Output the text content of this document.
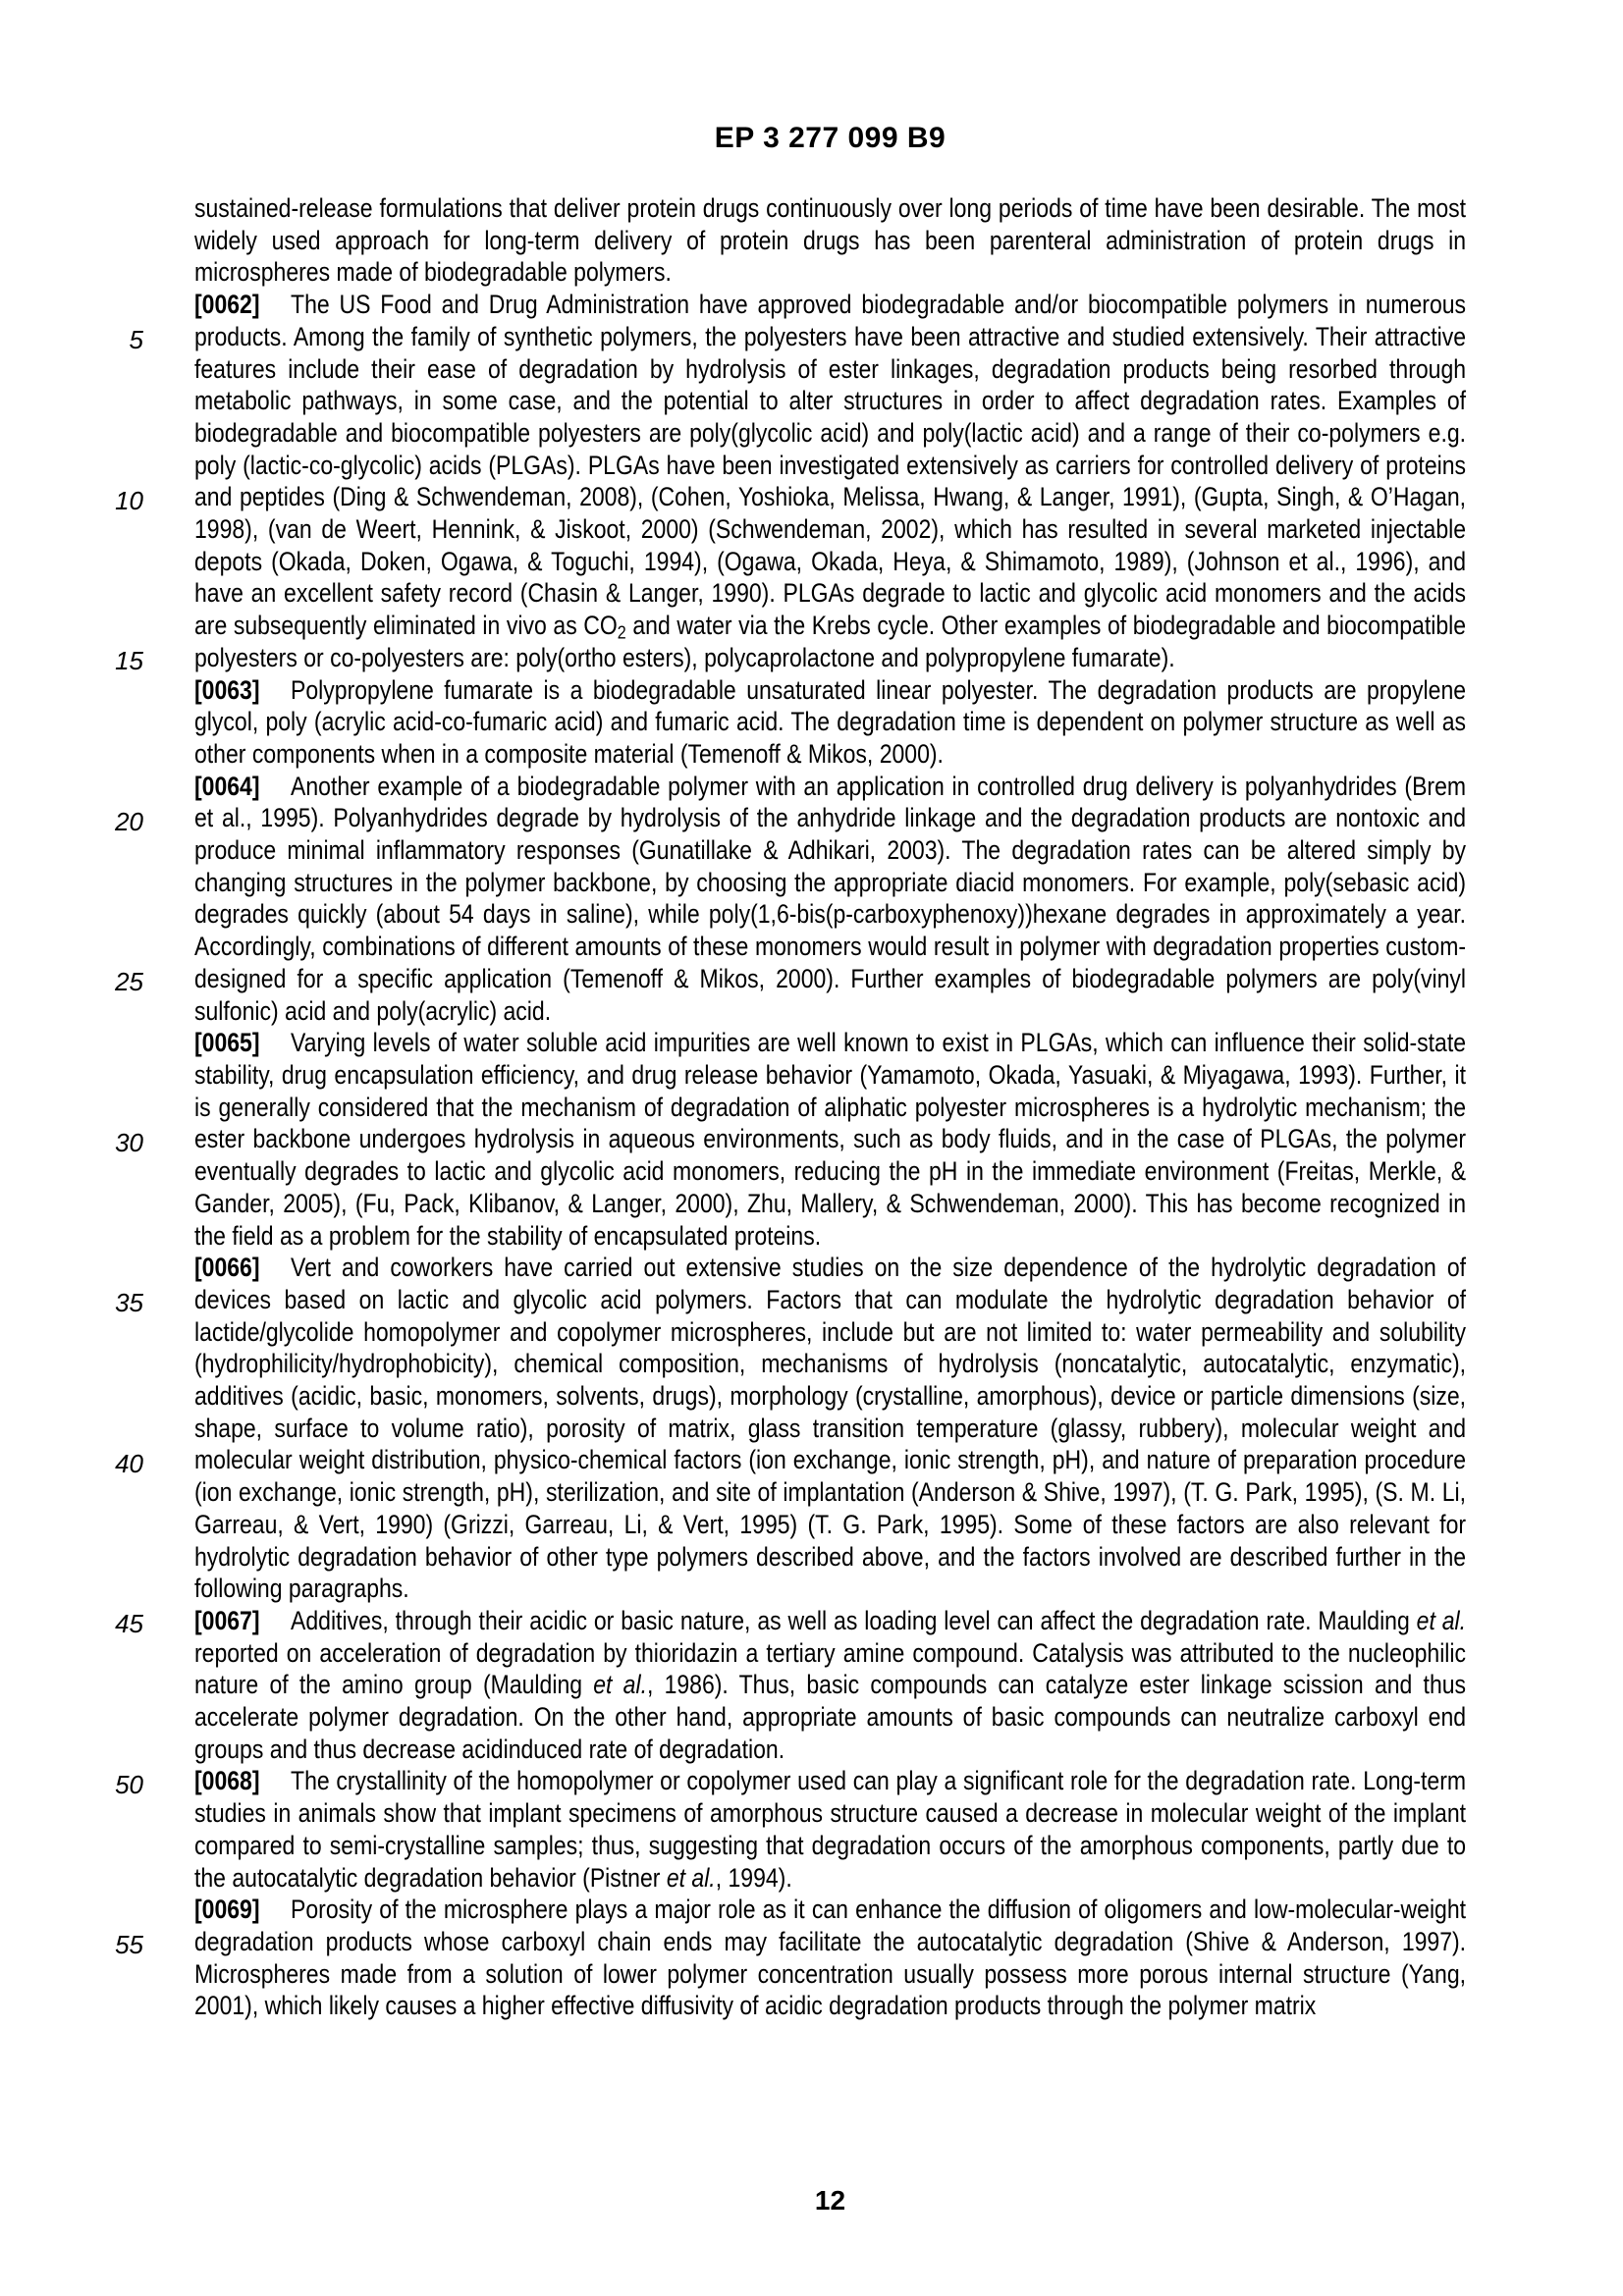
EP 3 277 099 B9
5
10
15
20
25
30
35
40
45
50
55

sustained-release formulations that deliver protein drugs continuously over long periods of time have been desirable. The most widely used approach for long-term delivery of protein drugs has been parenteral administration of protein drugs in microspheres made of biodegradable polymers.

[0062] The US Food and Drug Administration have approved biodegradable and/or biocompatible polymers in numerous products. Among the family of synthetic polymers, the polyesters have been attractive and studied extensively. Their attractive features include their ease of degradation by hydrolysis of ester linkages, degradation products being resorbed through metabolic pathways, in some case, and the potential to alter structures in order to affect degradation rates. Examples of biodegradable and biocompatible polyesters are poly(glycolic acid) and poly(lactic acid) and a range of their co-polymers e.g. poly (lactic-co-glycolic) acids (PLGAs). PLGAs have been investigated extensively as carriers for controlled delivery of proteins and peptides (Ding & Schwendeman, 2008), (Cohen, Yoshioka, Melissa, Hwang, & Langer, 1991), (Gupta, Singh, & O’Hagan, 1998), (van de Weert, Hennink, & Jiskoot, 2000) (Schwendeman, 2002), which has resulted in several marketed injectable depots (Okada, Doken, Ogawa, & Toguchi, 1994), (Ogawa, Okada, Heya, & Shimamoto, 1989), (Johnson et al., 1996), and have an excellent safety record (Chasin & Langer, 1990). PLGAs degrade to lactic and glycolic acid monomers and the acids are subsequently eliminated in vivo as $CO_2$ and water via the Krebs cycle. Other examples of biodegradable and biocompatible polyesters or co-polyesters are: poly(ortho esters), polycaprolactone and polypropylene fumarate).

[0063] Polypropylene fumarate is a biodegradable unsaturated linear polyester. The degradation products are propylene glycol, poly (acrylic acid-co-fumaric acid) and fumaric acid. The degradation time is dependent on polymer structure as well as other components when in a composite material (Temenoff & Mikos, 2000).

[0064] Another example of a biodegradable polymer with an application in controlled drug delivery is polyanhydrides (Brem et al., 1995). Polyanhydrides degrade by hydrolysis of the anhydride linkage and the degradation products are nontoxic and produce minimal inflammatory responses (Gunatillake & Adhikari, 2003). The degradation rates can be altered simply by changing structures in the polymer backbone, by choosing the appropriate diacid monomers. For example, poly(sebasic acid) degrades quickly (about 54 days in saline), while poly(1,6-bis(p-carboxyphenoxy))hexane degrades in approximately a year. Accordingly, combinations of different amounts of these monomers would result in polymer with degradation properties custom-designed for a specific application (Temenoff & Mikos, 2000). Further examples of biodegradable polymers are poly(vinyl sulfonic) acid and poly(acrylic) acid.

[0065] Varying levels of water soluble acid impurities are well known to exist in PLGAs, which can influence their solid-state stability, drug encapsulation efficiency, and drug release behavior (Yamamoto, Okada, Yasuaki, & Miyagawa, 1993). Further, it is generally considered that the mechanism of degradation of aliphatic polyester microspheres is a hydrolytic mechanism; the ester backbone undergoes hydrolysis in aqueous environments, such as body fluids, and in the case of PLGAs, the polymer eventually degrades to lactic and glycolic acid monomers, reducing the pH in the immediate environment (Freitas, Merkle, & Gander, 2005), (Fu, Pack, Klibanov, & Langer, 2000), Zhu, Mallery, & Schwendeman, 2000). This has become recognized in the field as a problem for the stability of encapsulated proteins.

[0066] Vert and coworkers have carried out extensive studies on the size dependence of the hydrolytic degradation of devices based on lactic and glycolic acid polymers. Factors that can modulate the hydrolytic degradation behavior of lactide/glycolide homopolymer and copolymer microspheres, include but are not limited to: water permeability and solubility (hydrophilicity/hydrophobicity), chemical composition, mechanisms of hydrolysis (noncatalytic, autocatalytic, enzymatic), additives (acidic, basic, monomers, solvents, drugs), morphology (crystalline, amorphous), device or particle dimensions (size, shape, surface to volume ratio), porosity of matrix, glass transition temperature (glassy, rubbery), molecular weight and molecular weight distribution, physico-chemical factors (ion exchange, ionic strength, pH), and nature of preparation procedure (ion exchange, ionic strength, pH), sterilization, and site of implantation (Anderson & Shive, 1997), (T. G. Park, 1995), (S. M. Li, Garreau, & Vert, 1990) (Grizzi, Garreau, Li, & Vert, 1995) (T. G. Park, 1995). Some of these factors are also relevant for hydrolytic degradation behavior of other type polymers described above, and the factors involved are described further in the following paragraphs.

[0067] Additives, through their acidic or basic nature, as well as loading level can affect the degradation rate. Maulding et al. reported on acceleration of degradation by thioridazin a tertiary amine compound. Catalysis was attributed to the nucleophilic nature of the amino group (Maulding et al., 1986). Thus, basic compounds can catalyze ester linkage scission and thus accelerate polymer degradation. On the other hand, appropriate amounts of basic compounds can neutralize carboxyl end groups and thus decrease acidinduced rate of degradation.

[0068] The crystallinity of the homopolymer or copolymer used can play a significant role for the degradation rate. Long-term studies in animals show that implant specimens of amorphous structure caused a decrease in molecular weight of the implant compared to semi-crystalline samples; thus, suggesting that degradation occurs of the amorphous components, partly due to the autocatalytic degradation behavior (Pistner et al., 1994).

[0069] Porosity of the microsphere plays a major role as it can enhance the diffusion of oligomers and low-molecular-weight degradation products whose carboxyl chain ends may facilitate the autocatalytic degradation (Shive & Anderson, 1997). Microspheres made from a solution of lower polymer concentration usually possess more porous internal structure (Yang, 2001), which likely causes a higher effective diffusivity of acidic degradation products through the polymer matrix

12
